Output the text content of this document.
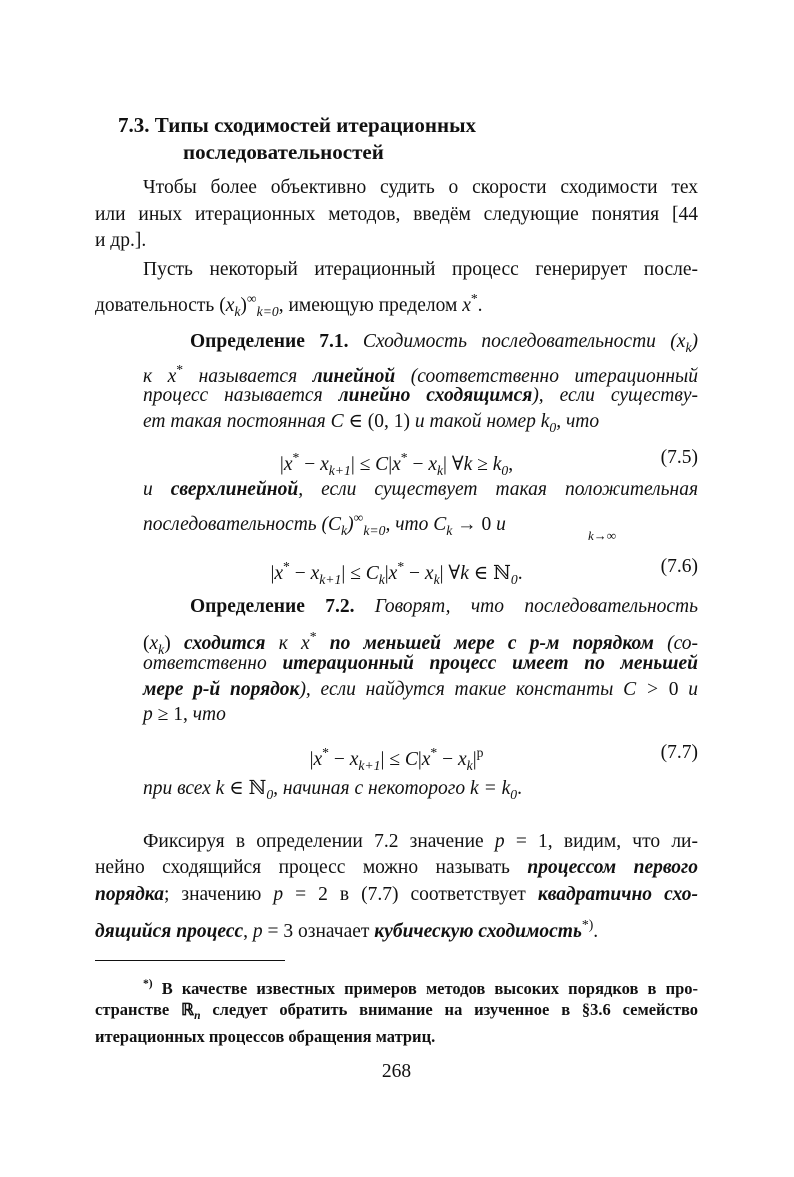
7.3. Типы сходимостей итерационных
последовательностей
Чтобы более объективно судить о скорости сходимости тех
или иных итерационных методов, введём следующие понятия [44
и др.].
Пусть некоторый итерационный процесс генерирует после-
довательность $(x_k)^\infty_{k=0}$, имеющую пределом x*.
Определение 7.1. Сходимость последовательности $(x_k)$
к x* называется линейной (соответственно итерационный
процесс называется линейно сходящимся), если существу-
ет такая постоянная C ∈ (0, 1) и такой номер $k_0$, что
$|x^* - x_{k+1}| \le C|x^* - x_k|$ ∀k ≥ $k_0$,	(7.5)
и сверхлинейной, если существует такая положительная
последовательность $(C_k)^\infty_{k=0}$, что $C_k \to 0$ и
k→∞
$|x^* - x_{k+1}| \le C_k|x^* - x_k|$ ∀k ∈ ℕ$_0$.	(7.6)
Определение 7.2. Говорят, что последовательность
$(x_k)$ сходится к x* по меньшей мере с p-м порядком (со-
ответственно итерационный процесс имеет по меньшей
мере p-й порядок), если найдутся такие константы C > 0 и
p ≥ 1, что
$|x^* - x_{k+1}| \le C|x^* - x_k|^p$	(7.7)
при всех k ∈ ℕ$_0$, начиная с некоторого $k = k_0$.
Фиксируя в определении 7.2 значение p = 1, видим, что ли-
нейно сходящийся процесс можно называть процессом первого
порядка; значению p = 2 в (7.7) соответствует квадратично схо-
дящийся процесс, p = 3 означает кубическую сходимость*).
*) В качестве известных примеров методов высоких порядков в про-
странстве ℝ$_n$ следует обратить внимание на изученное в §3.6 семейство
итерационных процессов обращения матриц.
268
